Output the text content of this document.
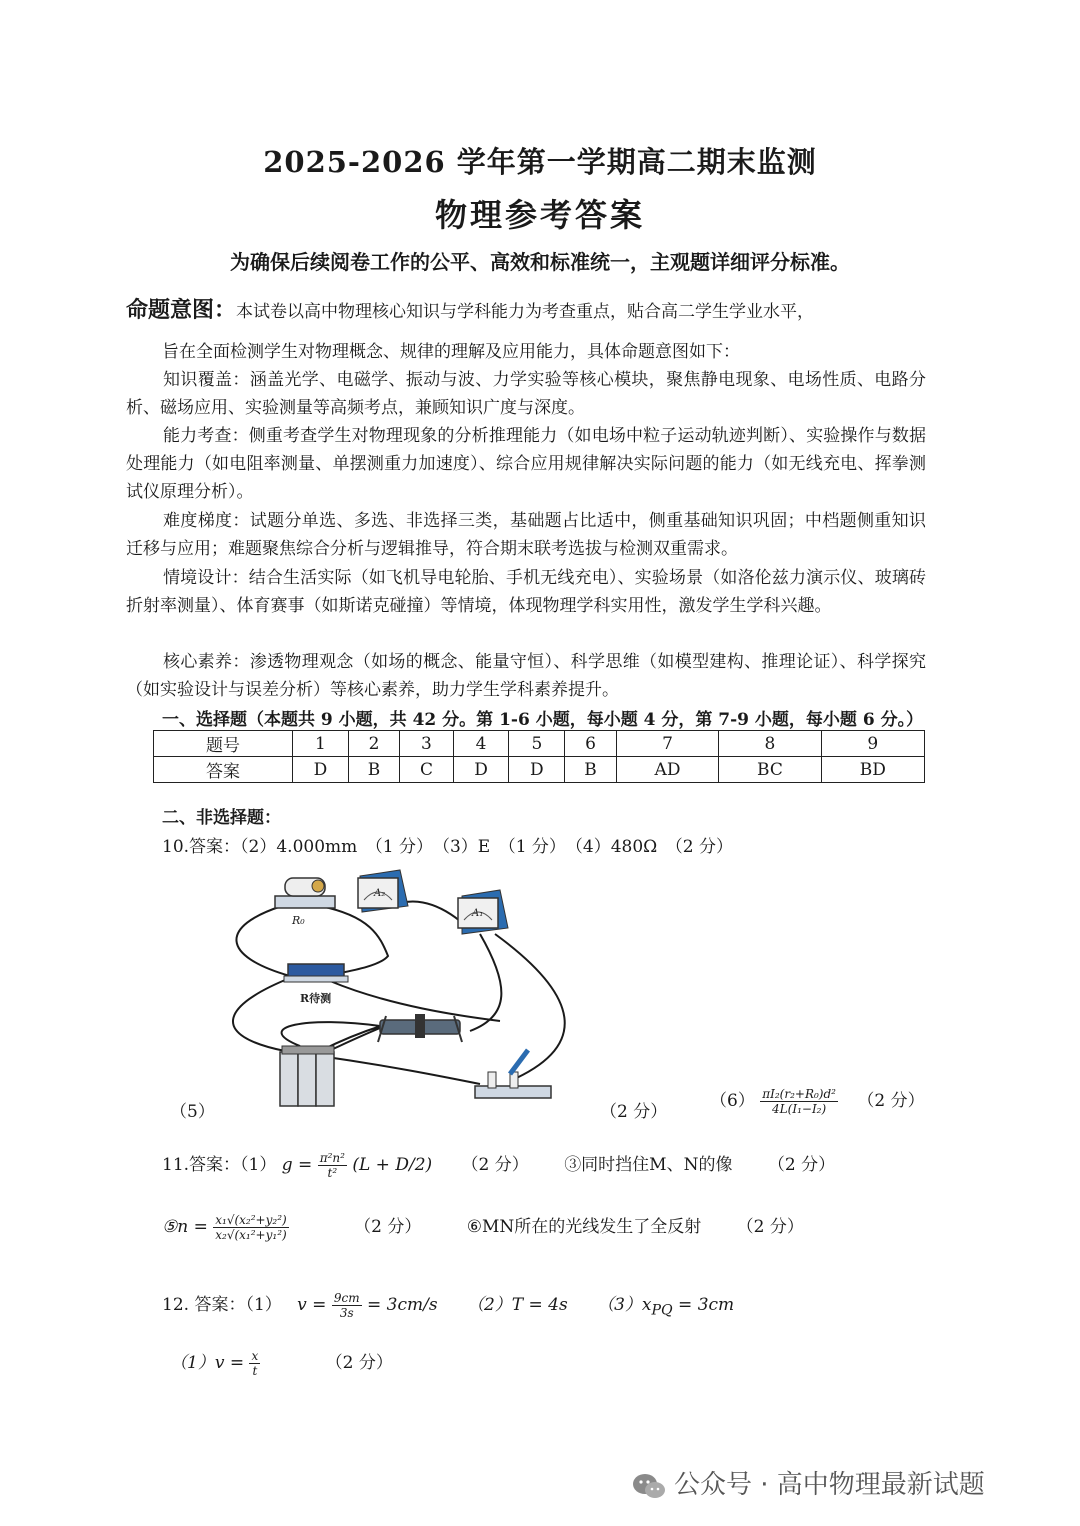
2025-2026 学年第一学期高二期末监测
物理参考答案
为确保后续阅卷工作的公平、高效和标准统一，主观题详细评分标准。
命题意图：本试卷以高中物理核心知识与学科能力为考查重点，贴合高二学生学业水平，
旨在全面检测学生对物理概念、规律的理解及应用能力，具体命题意图如下：
知识覆盖：涵盖光学、电磁学、振动与波、力学实验等核心模块，聚焦静电现象、电场性质、电路分析、磁场应用、实验测量等高频考点，兼顾知识广度与深度。
能力考查：侧重考查学生对物理现象的分析推理能力（如电场中粒子运动轨迹判断）、实验操作与数据处理能力（如电阻率测量、单摆测重力加速度）、综合应用规律解决实际问题的能力（如无线充电、挥拳测试仪原理分析）。
难度梯度：试题分单选、多选、非选择三类，基础题占比适中，侧重基础知识巩固；中档题侧重知识迁移与应用；难题聚焦综合分析与逻辑推导，符合期末联考选拔与检测双重需求。
情境设计：结合生活实际（如飞机导电轮胎、手机无线充电）、实验场景（如洛伦兹力演示仪、玻璃砖折射率测量）、体育赛事（如斯诺克碰撞）等情境，体现物理学科实用性，激发学生学科兴趣。
核心素养：渗透物理观念（如场的概念、能量守恒）、科学思维（如模型建构、推理论证）、科学探究（如实验设计与误差分析）等核心素养，助力学生学科素养提升。
一、选择题（本题共 9 小题，共 42 分。第 1-6 小题，每小题 4 分，第 7-9 小题，每小题 6 分。）
题号	1	2	3	4	5	6	7	8	9
答案	D	B	C	D	D	B	AD	BC	BD
二、非选择题：
10.答案：（2）4.000mm　（1 分）　（3）E　（1 分）　（4）480Ω　（2 分）
R₀
A₂
A₁
R待测
（5）	（2 分）
$(6) \frac{\text{πI₂(r₂+R₀)d²}}{\text{4L(I₁−I₂)}} (2$ 分）
11.答案：（1） $g = \frac{\text{π²n²}}{\text{t²}} (L + D/2)$ （2 分） ③同时挡住M、N的像 （2 分）
⑤n = $\frac{\text{x₁√(x₂²+y₂²)}}{\text{x₂√(x₁²+y₁²)}}$	（2 分）	⑥MN所在的光线发生了全反射 （2 分）
12. 答案：（1） $v = \frac{9cm}{3s} = 3cm/s$ （2）T = 4s $(3)x_{PQ} = 3cm$
$(1)v = \frac{x}{t}$	（2 分）
公众号 · 高中物理最新试题
